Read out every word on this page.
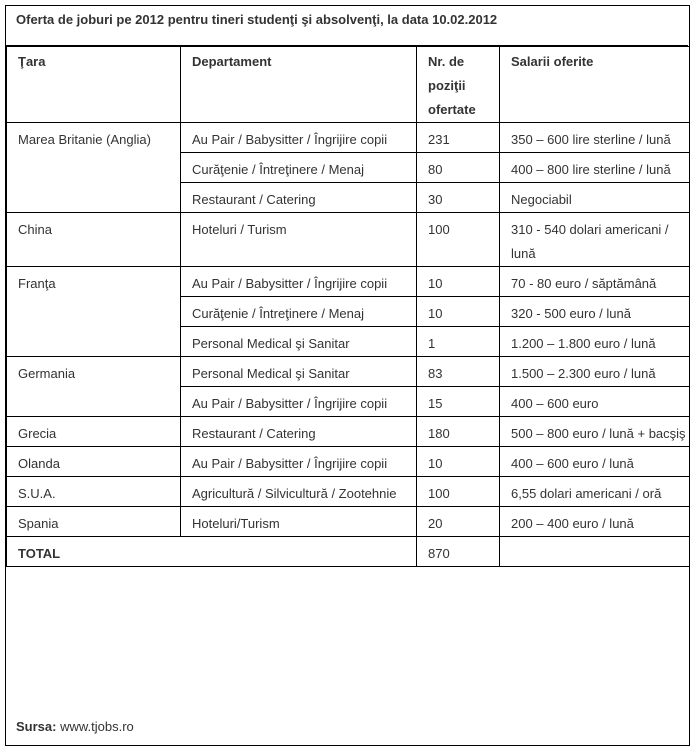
Oferta de joburi pe 2012 pentru tineri studenţi şi absolvenţi, la data 10.02.2012
Ţara	Departament	Nr. de poziţii ofertate	Salarii oferite
Marea Britanie (Anglia)	Au Pair / Babysitter / Îngrijire copii	231	350 – 600 lire sterline / lună
	Curăţenie / Întreţinere / Menaj	80	400 – 800 lire sterline / lună
	Restaurant / Catering	30	Negociabil
China	Hoteluri / Turism	100	310 - 540 dolari americani / lună
Franţa	Au Pair / Babysitter / Îngrijire copii	10	70 - 80 euro / săptămână
	Curăţenie / Întreţinere / Menaj	10	320 - 500 euro / lună
	Personal Medical şi Sanitar	1	1.200 – 1.800 euro / lună
Germania	Personal Medical şi Sanitar	83	1.500 – 2.300 euro / lună
	Au Pair / Babysitter / Îngrijire copii	15	400 – 600 euro
Grecia	Restaurant / Catering	180	500 – 800 euro / lună + bacşiş
Olanda	Au Pair / Babysitter / Îngrijire copii	10	400 – 600 euro / lună
S.U.A.	Agricultură / Silvicultură / Zootehnie	100	6,55 dolari americani / oră
Spania	Hoteluri/Turism	20	200 – 400 euro / lună
TOTAL		870	
Sursa: www.tjobs.ro
